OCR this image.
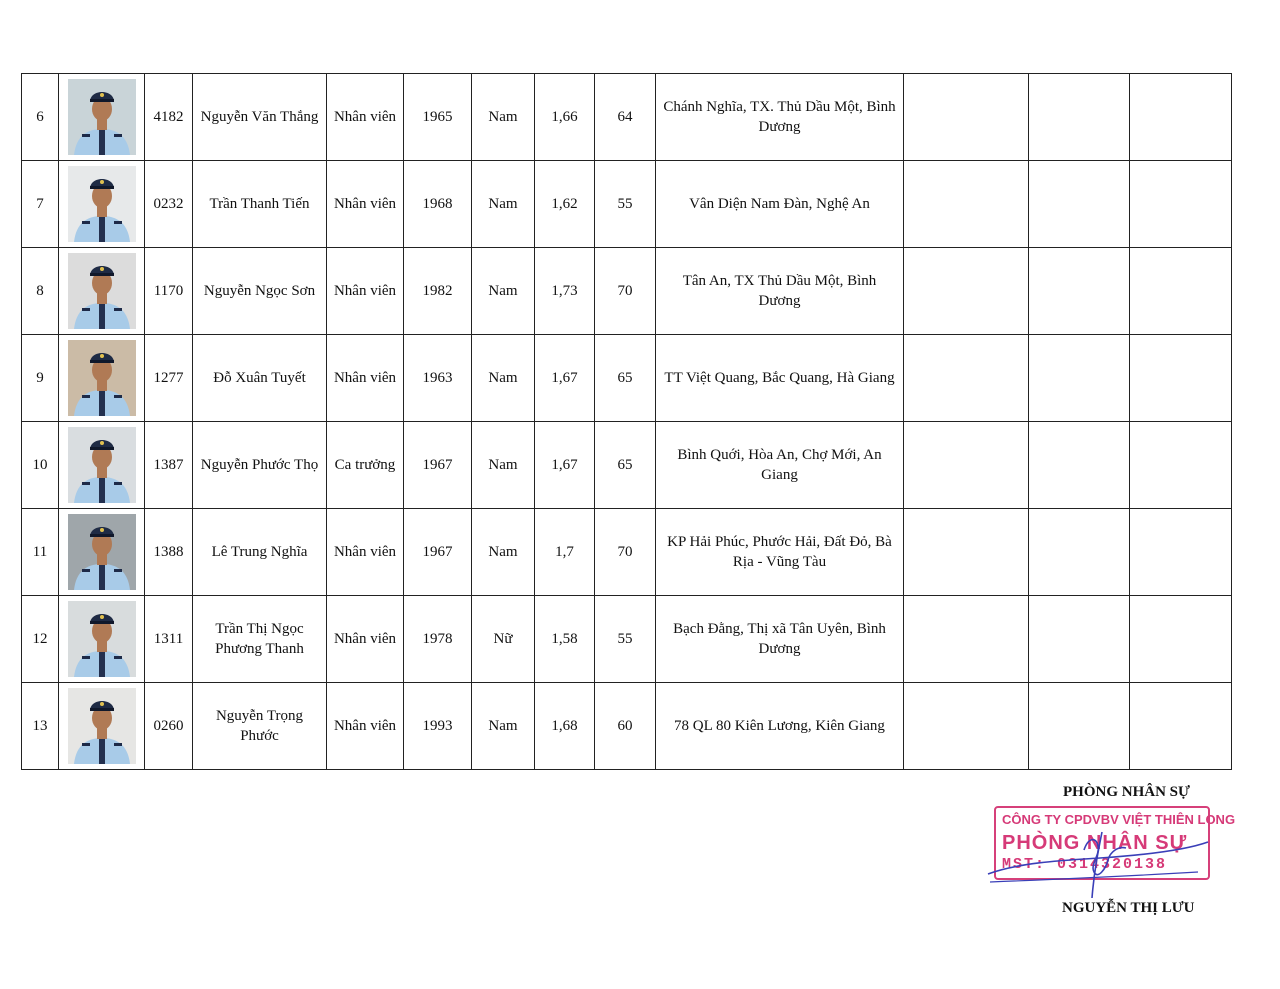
6		4182	Nguyễn Văn Thắng	Nhân viên	1965	Nam	1,66	64	Chánh Nghĩa, TX. Thủ Dầu Một, Bình Dương			
7		0232	Trần Thanh Tiến	Nhân viên	1968	Nam	1,62	55	Vân Diện Nam Đàn, Nghệ An			
8		1170	Nguyễn Ngọc Sơn	Nhân viên	1982	Nam	1,73	70	Tân An, TX Thủ Dầu Một, Bình Dương			
9		1277	Đỗ Xuân Tuyết	Nhân viên	1963	Nam	1,67	65	TT Việt Quang, Bắc Quang, Hà Giang			
10		1387	Nguyễn Phước Thọ	Ca trưởng	1967	Nam	1,67	65	Bình Quới, Hòa An, Chợ Mới, An Giang			
11		1388	Lê Trung Nghĩa	Nhân viên	1967	Nam	1,7	70	KP Hải Phúc, Phước Hải, Đất Đỏ, Bà Rịa - Vũng Tàu			
12		1311	Trần Thị Ngọc Phương Thanh	Nhân viên	1978	Nữ	1,58	55	Bạch Đằng, Thị xã Tân Uyên, Bình Dương			
13		0260	Nguyễn Trọng Phước	Nhân viên	1993	Nam	1,68	60	78 QL 80 Kiên Lương, Kiên Giang			
PHÒNG NHÂN SỰ
CÔNG TY CPDVBV VIỆT THIÊN LONG
PHÒNG NHÂN SỰ
MST: 0314320138
NGUYỄN THỊ LƯU
